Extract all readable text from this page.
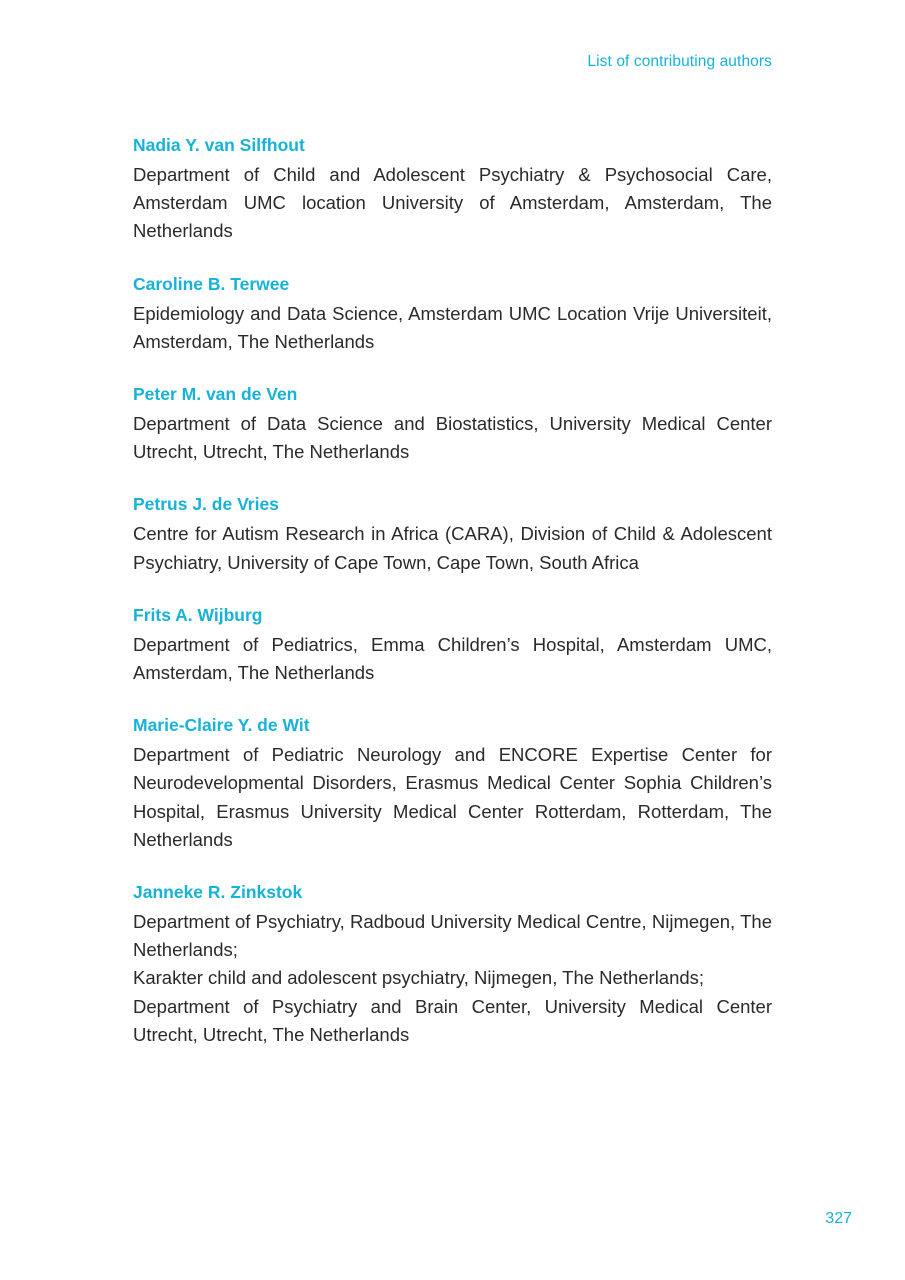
List of contributing authors
Nadia Y. van Silfhout

Department of Child and Adolescent Psychiatry & Psychosocial Care, Amsterdam UMC location University of Amsterdam, Amsterdam, The Netherlands

Caroline B. Terwee

Epidemiology and Data Science, Amsterdam UMC Location Vrije Universiteit, Amsterdam, The Netherlands

Peter M. van de Ven

Department of Data Science and Biostatistics, University Medical Center Utrecht, Utrecht, The Netherlands

Petrus J. de Vries

Centre for Autism Research in Africa (CARA), Division of Child & Adolescent Psychiatry, University of Cape Town, Cape Town, South Africa

Frits A. Wijburg

Department of Pediatrics, Emma Children’s Hospital, Amsterdam UMC, Amsterdam, The Netherlands

Marie-Claire Y. de Wit

Department of Pediatric Neurology and ENCORE Expertise Center for Neurodevelopmental Disorders, Erasmus Medical Center Sophia Children’s Hospital, Erasmus University Medical Center Rotterdam, Rotterdam, The Netherlands

Janneke R. Zinkstok

Department of Psychiatry, Radboud University Medical Centre, Nijmegen, The Netherlands;

Karakter child and adolescent psychiatry, Nijmegen, The Netherlands;

Department of Psychiatry and Brain Center, University Medical Center Utrecht, Utrecht, The Netherlands

327
